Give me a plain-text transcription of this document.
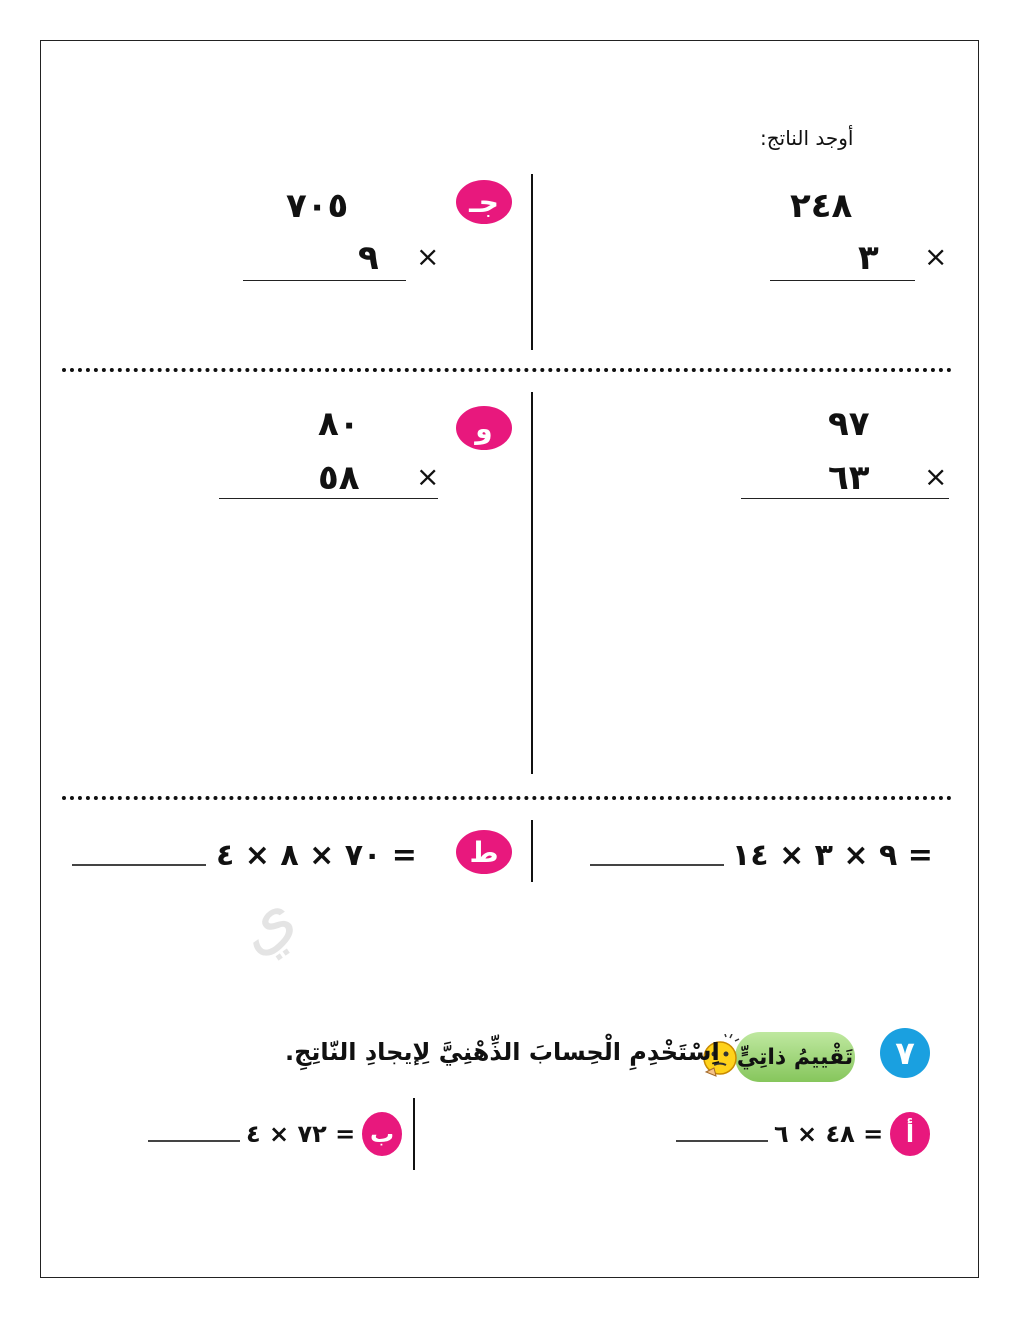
أوجد الناتج:
٢٤٨
×
٣
جـ
٧٠٥
×
٩
٩٧
×
٦٣
و
٨٠
×
٥٨
٩ × ٣ × ١٤ =
٧٠ × ٨ × ٤ =	ط
ي
٧
تَقْييمُ ذاتِيٍّ
اِسْتَخْدِمِ الْحِسابَ الذِّهْنِيَّ لِإيجادِ النّاتِجِ.
أ
٤٨ × ٦ =
ب
٧٢ × ٤ =
